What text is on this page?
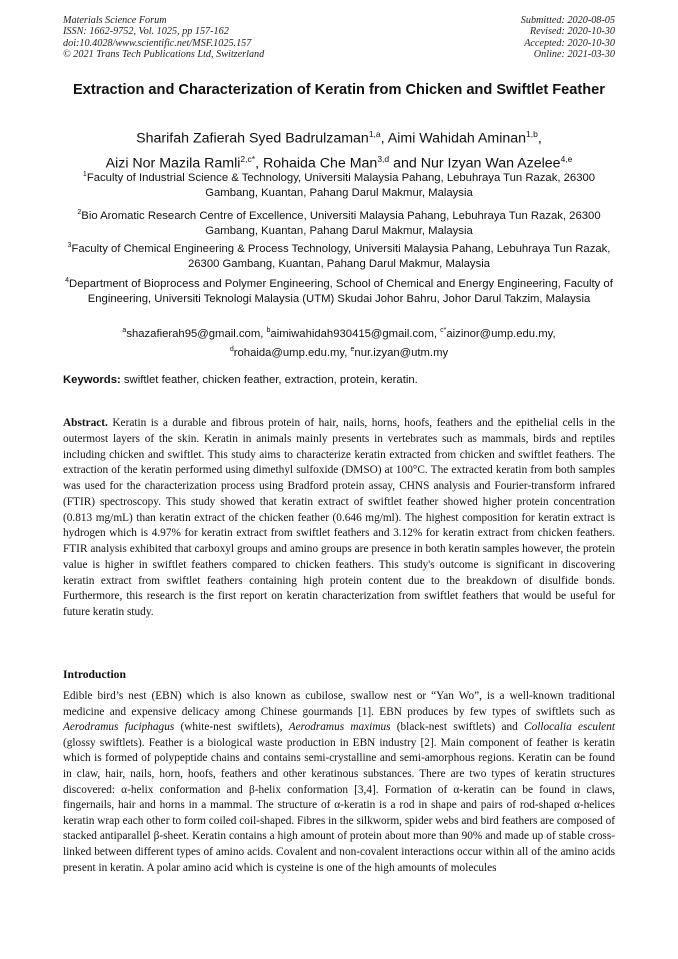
Materials Science Forum
ISSN: 1662-9752, Vol. 1025, pp 157-162
doi:10.4028/www.scientific.net/MSF.1025.157
© 2021 Trans Tech Publications Ltd, Switzerland
Submitted: 2020-08-05
Revised: 2020-10-30
Accepted: 2020-10-30
Online: 2021-03-30
Extraction and Characterization of Keratin from Chicken and Swiftlet Feather
Sharifah Zafierah Syed Badrulzaman$^{1,a}$, Aimi Wahidah Aminan$^{1,b}$,
Aizi Nor Mazila Ramli$^{2,c*}$, Rohaida Che Man$^{3,d}$ and Nur Izyan Wan Azelee$^{4,e}$
$^1$Faculty of Industrial Science & Technology, Universiti Malaysia Pahang, Lebuhraya Tun Razak, 26300 Gambang, Kuantan, Pahang Darul Makmur, Malaysia
$^2$Bio Aromatic Research Centre of Excellence, Universiti Malaysia Pahang, Lebuhraya Tun Razak, 26300 Gambang, Kuantan, Pahang Darul Makmur, Malaysia
$^3$Faculty of Chemical Engineering & Process Technology, Universiti Malaysia Pahang, Lebuhraya Tun Razak, 26300 Gambang, Kuantan, Pahang Darul Makmur, Malaysia
$^4$Department of Bioprocess and Polymer Engineering, School of Chemical and Energy Engineering, Faculty of Engineering, Universiti Teknologi Malaysia (UTM) Skudai Johor Bahru, Johor Darul Takzim, Malaysia
$^a$shazafierah95@gmail.com, $^b$aimiwahidah930415@gmail.com, $^{c*}$aizinor@ump.edu.my,
$^d$rohaida@ump.edu.my, $^e$nur.izyan@utm.my
Keywords: swiftlet feather, chicken feather, extraction, protein, keratin.
Abstract. Keratin is a durable and fibrous protein of hair, nails, horns, hoofs, feathers and the epithelial cells in the outermost layers of the skin. Keratin in animals mainly presents in vertebrates such as mammals, birds and reptiles including chicken and swiftlet. This study aims to characterize keratin extracted from chicken and swiftlet feathers. The extraction of the keratin performed using dimethyl sulfoxide (DMSO) at 100°C. The extracted keratin from both samples was used for the characterization process using Bradford protein assay, CHNS analysis and Fourier-transform infrared (FTIR) spectroscopy. This study showed that keratin extract of swiftlet feather showed higher protein concentration (0.813 mg/mL) than keratin extract of the chicken feather (0.646 mg/ml). The highest composition for keratin extract is hydrogen which is 4.97% for keratin extract from swiftlet feathers and 3.12% for keratin extract from chicken feathers. FTIR analysis exhibited that carboxyl groups and amino groups are presence in both keratin samples however, the protein value is higher in swiftlet feathers compared to chicken feathers. This study's outcome is significant in discovering keratin extract from swiftlet feathers containing high protein content due to the breakdown of disulfide bonds. Furthermore, this research is the first report on keratin characterization from swiftlet feathers that would be useful for future keratin study.
Introduction
Edible bird’s nest (EBN) which is also known as cubilose, swallow nest or “Yan Wo”, is a well-known traditional medicine and expensive delicacy among Chinese gourmands [1]. EBN produces by few types of swiftlets such as Aerodramus fuciphagus (white-nest swiftlets), Aerodramus maximus (black-nest swiftlets) and Collocalia esculent (glossy swiftlets). Feather is a biological waste production in EBN industry [2]. Main component of feather is keratin which is formed of polypeptide chains and contains semi-crystalline and semi-amorphous regions. Keratin can be found in claw, hair, nails, horn, hoofs, feathers and other keratinous substances. There are two types of keratin structures discovered: α-helix conformation and β-helix conformation [3,4]. Formation of α-keratin can be found in claws, fingernails, hair and horns in a mammal. The structure of α-keratin is a rod in shape and pairs of rod-shaped α-helices keratin wrap each other to form coiled coil-shaped. Fibres in the silkworm, spider webs and bird feathers are composed of stacked antiparallel β-sheet. Keratin contains a high amount of protein about more than 90% and made up of stable cross-linked between different types of amino acids. Covalent and non-covalent interactions occur within all of the amino acids present in keratin. A polar amino acid which is cysteine is one of the high amounts of molecules
